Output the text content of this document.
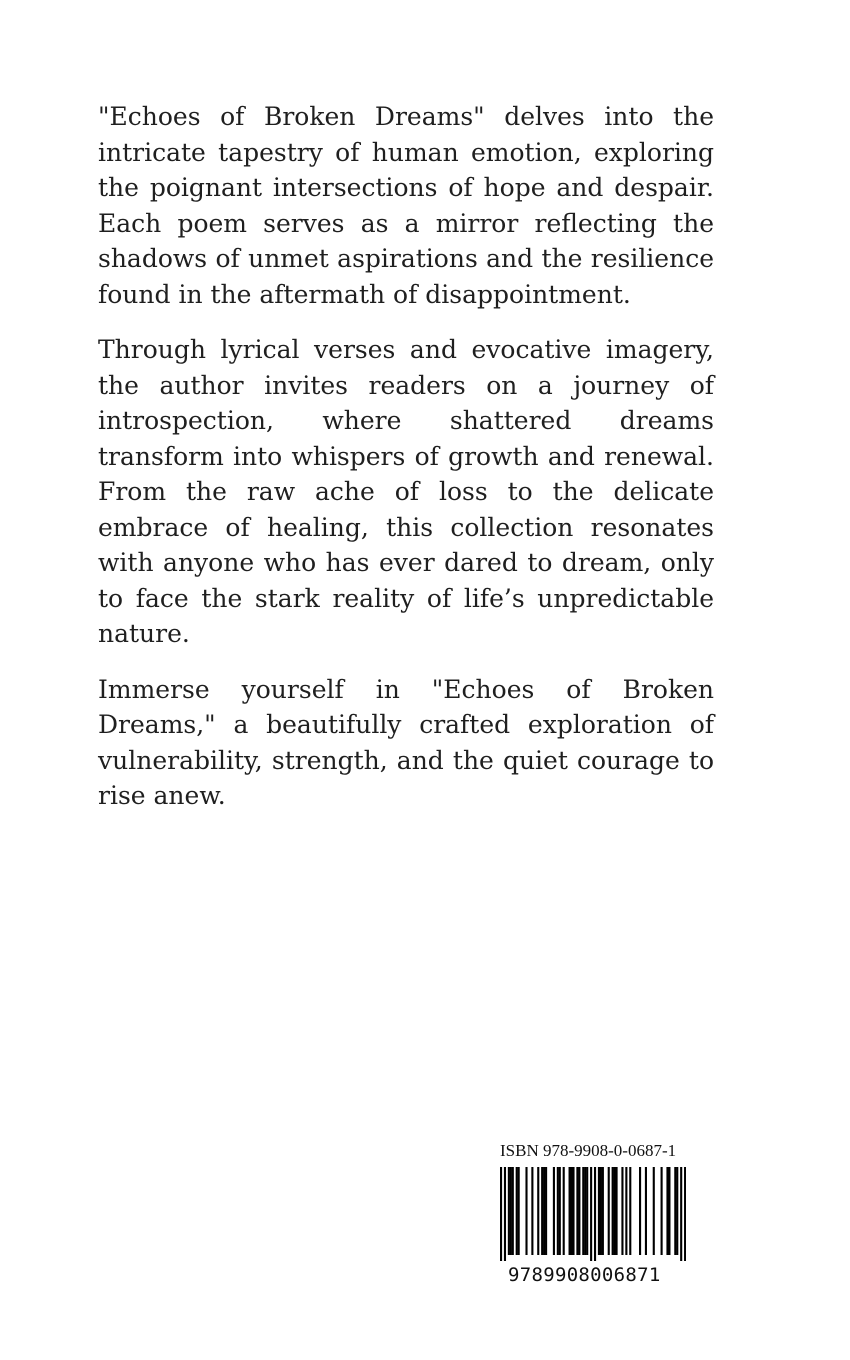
"Echoes of Broken Dreams" delves into the intricate tapestry of human emotion, exploring the poignant intersections of hope and despair. Each poem serves as a mirror reflecting the shadows of unmet aspirations and the resilience found in the aftermath of disappointment.

Through lyrical verses and evocative imagery, the author invites readers on a journey of introspection, where shattered dreams transform into whispers of growth and renewal. From the raw ache of loss to the delicate embrace of healing, this collection resonates with anyone who has ever dared to dream, only to face the stark reality of life’s unpredictable nature.

Immerse yourself in "Echoes of Broken Dreams," a beautifully crafted exploration of vulnerability, strength, and the quiet courage to rise anew.

ISBN 978-9908-0-0687-1
9789908006871
